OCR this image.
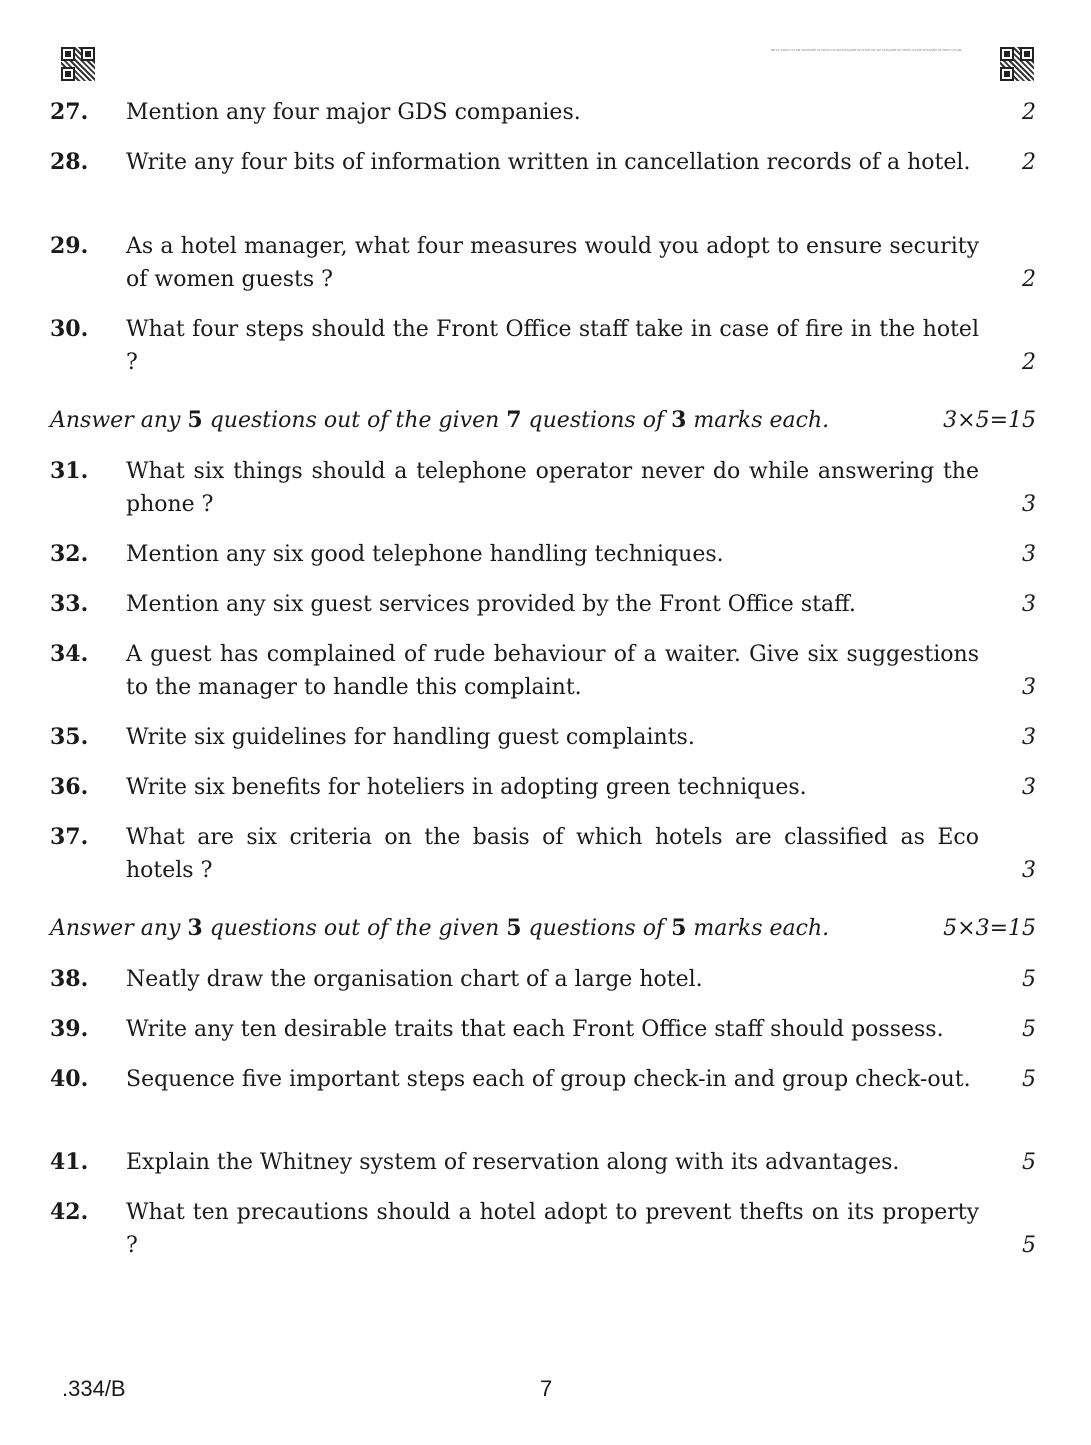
RE’16 CHCH CH’AM SCHAAMT’W CHCH CH’AM SCHAAMT’W CHCH CH’AM SCHAAMT’W CHCH CH’AM SCHAAMT’W CHCH CH’AM
27. Mention any four major GDS companies.	2
28. Write any four bits of information written in cancellation records of a hotel.	2
29. As a hotel manager, what four measures would you adopt to ensure security of women guests ?	2
30. What four steps should the Front Office staff take in case of fire in the hotel ?	2
Answer any 5 questions out of the given 7 questions of 3 marks each.	3×5=15
31. What six things should a telephone operator never do while answering the phone ?	3
32. Mention any six good telephone handling techniques.	3
33. Mention any six guest services provided by the Front Office staff.	3
34. A guest has complained of rude behaviour of a waiter. Give six suggestions to the manager to handle this complaint.	3
35. Write six guidelines for handling guest complaints.	3
36. Write six benefits for hoteliers in adopting green techniques.	3
37. What are six criteria on the basis of which hotels are classified as Eco hotels ?	3
Answer any 3 questions out of the given 5 questions of 5 marks each.	5×3=15
38. Neatly draw the organisation chart of a large hotel.	5
39. Write any ten desirable traits that each Front Office staff should possess.	5
40. Sequence five important steps each of group check-in and group check-out.	5
41. Explain the Whitney system of reservation along with its advantages.	5
42. What ten precautions should a hotel adopt to prevent thefts on its property ?	5
.334/B	7
